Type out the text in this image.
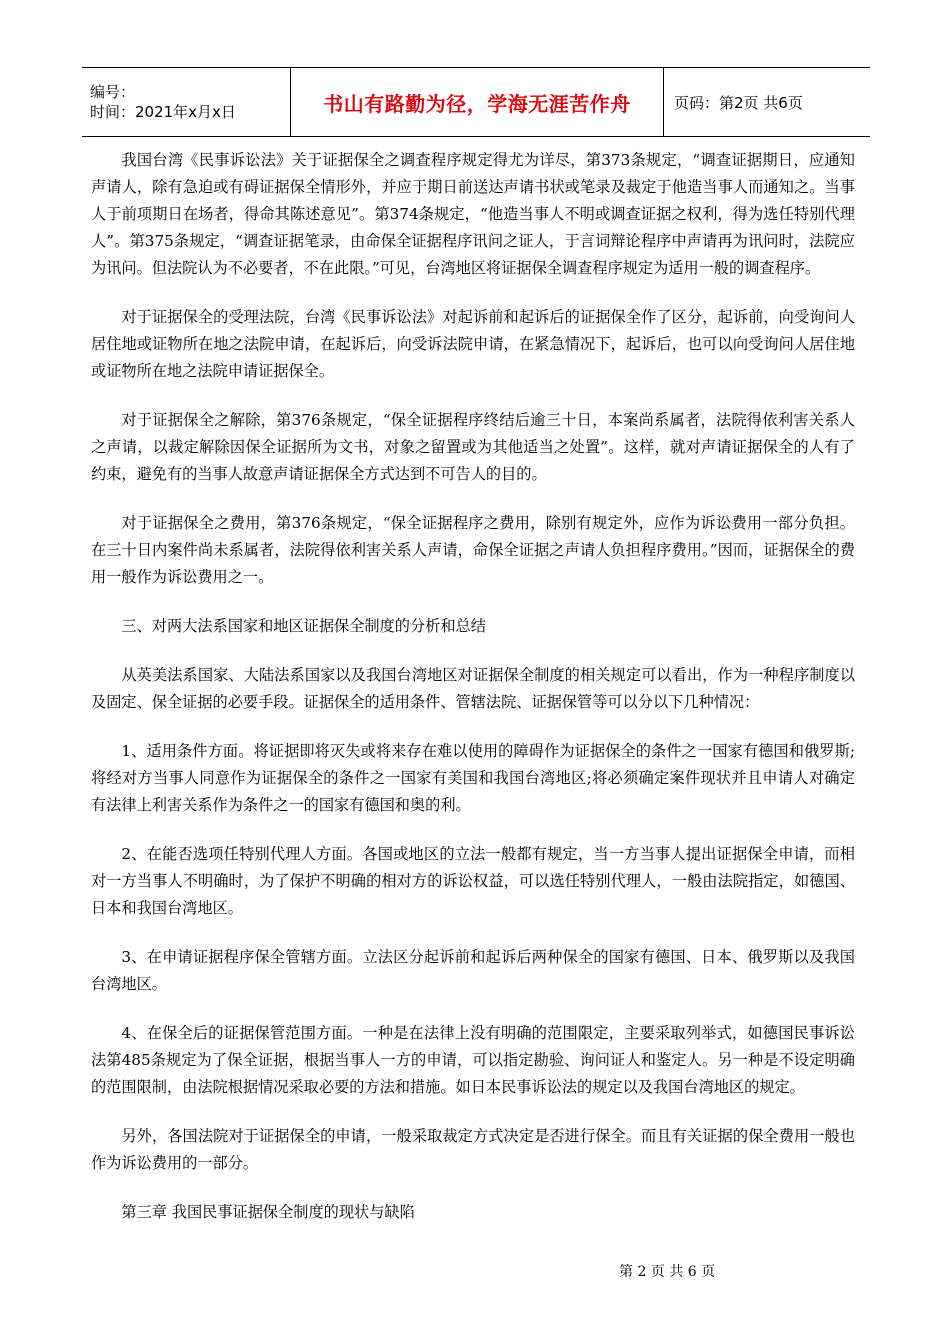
编号：
时间：2021年x月x日	书山有路勤为径，学海无涯苦作舟	页码：第2页 共6页

我国台湾《民事诉讼法》关于证据保全之调查程序规定得尤为详尽，第373条规定，“调查证据期日，应通知声请人，除有急迫或有碍证据保全情形外，并应于期日前送达声请书状或笔录及裁定于他造当事人而通知之。当事人于前项期日在场者，得命其陈述意见”。第374条规定，“他造当事人不明或调查证据之权利，得为选任特别代理人”。第375条规定，“调查证据笔录，由命保全证据程序讯问之证人，于言词辩论程序中声请再为讯问时，法院应为讯问。但法院认为不必要者，不在此限。”可见，台湾地区将证据保全调查程序规定为适用一般的调查程序。

对于证据保全的受理法院，台湾《民事诉讼法》对起诉前和起诉后的证据保全作了区分，起诉前，向受询问人居住地或证物所在地之法院申请，在起诉后，向受诉法院申请，在紧急情况下，起诉后，也可以向受询问人居住地或证物所在地之法院申请证据保全。

对于证据保全之解除，第376条规定，“保全证据程序终结后逾三十日，本案尚系属者，法院得依利害关系人之声请，以裁定解除因保全证据所为文书，对象之留置或为其他适当之处置”。这样，就对声请证据保全的人有了约束，避免有的当事人故意声请证据保全方式达到不可告人的目的。

对于证据保全之费用，第376条规定，“保全证据程序之费用，除别有规定外，应作为诉讼费用一部分负担。在三十日内案件尚未系属者，法院得依利害关系人声请，命保全证据之声请人负担程序费用。”因而，证据保全的费用一般作为诉讼费用之一。

三、对两大法系国家和地区证据保全制度的分析和总结

从英美法系国家、大陆法系国家以及我国台湾地区对证据保全制度的相关规定可以看出，作为一种程序制度以及固定、保全证据的必要手段。证据保全的适用条件、管辖法院、证据保管等可以分以下几种情况：

1、适用条件方面。将证据即将灭失或将来存在难以使用的障碍作为证据保全的条件之一国家有德国和俄罗斯;将经对方当事人同意作为证据保全的条件之一国家有美国和我国台湾地区;将必须确定案件现状并且申请人对确定有法律上利害关系作为条件之一的国家有德国和奥的利。

2、在能否选项任特别代理人方面。各国或地区的立法一般都有规定，当一方当事人提出证据保全申请，而相对一方当事人不明确时，为了保护不明确的相对方的诉讼权益，可以选任特别代理人，一般由法院指定，如德国、日本和我国台湾地区。

3、在申请证据程序保全管辖方面。立法区分起诉前和起诉后两种保全的国家有德国、日本、俄罗斯以及我国台湾地区。

4、在保全后的证据保管范围方面。一种是在法律上没有明确的范围限定，主要采取列举式，如德国民事诉讼法第485条规定为了保全证据，根据当事人一方的申请，可以指定勘验、询问证人和鉴定人。另一种是不设定明确的范围限制，由法院根据情况采取必要的方法和措施。如日本民事诉讼法的规定以及我国台湾地区的规定。

另外，各国法院对于证据保全的申请，一般采取裁定方式决定是否进行保全。而且有关证据的保全费用一般也作为诉讼费用的一部分。

第三章 我国民事证据保全制度的现状与缺陷

第 2 页 共 6 页
